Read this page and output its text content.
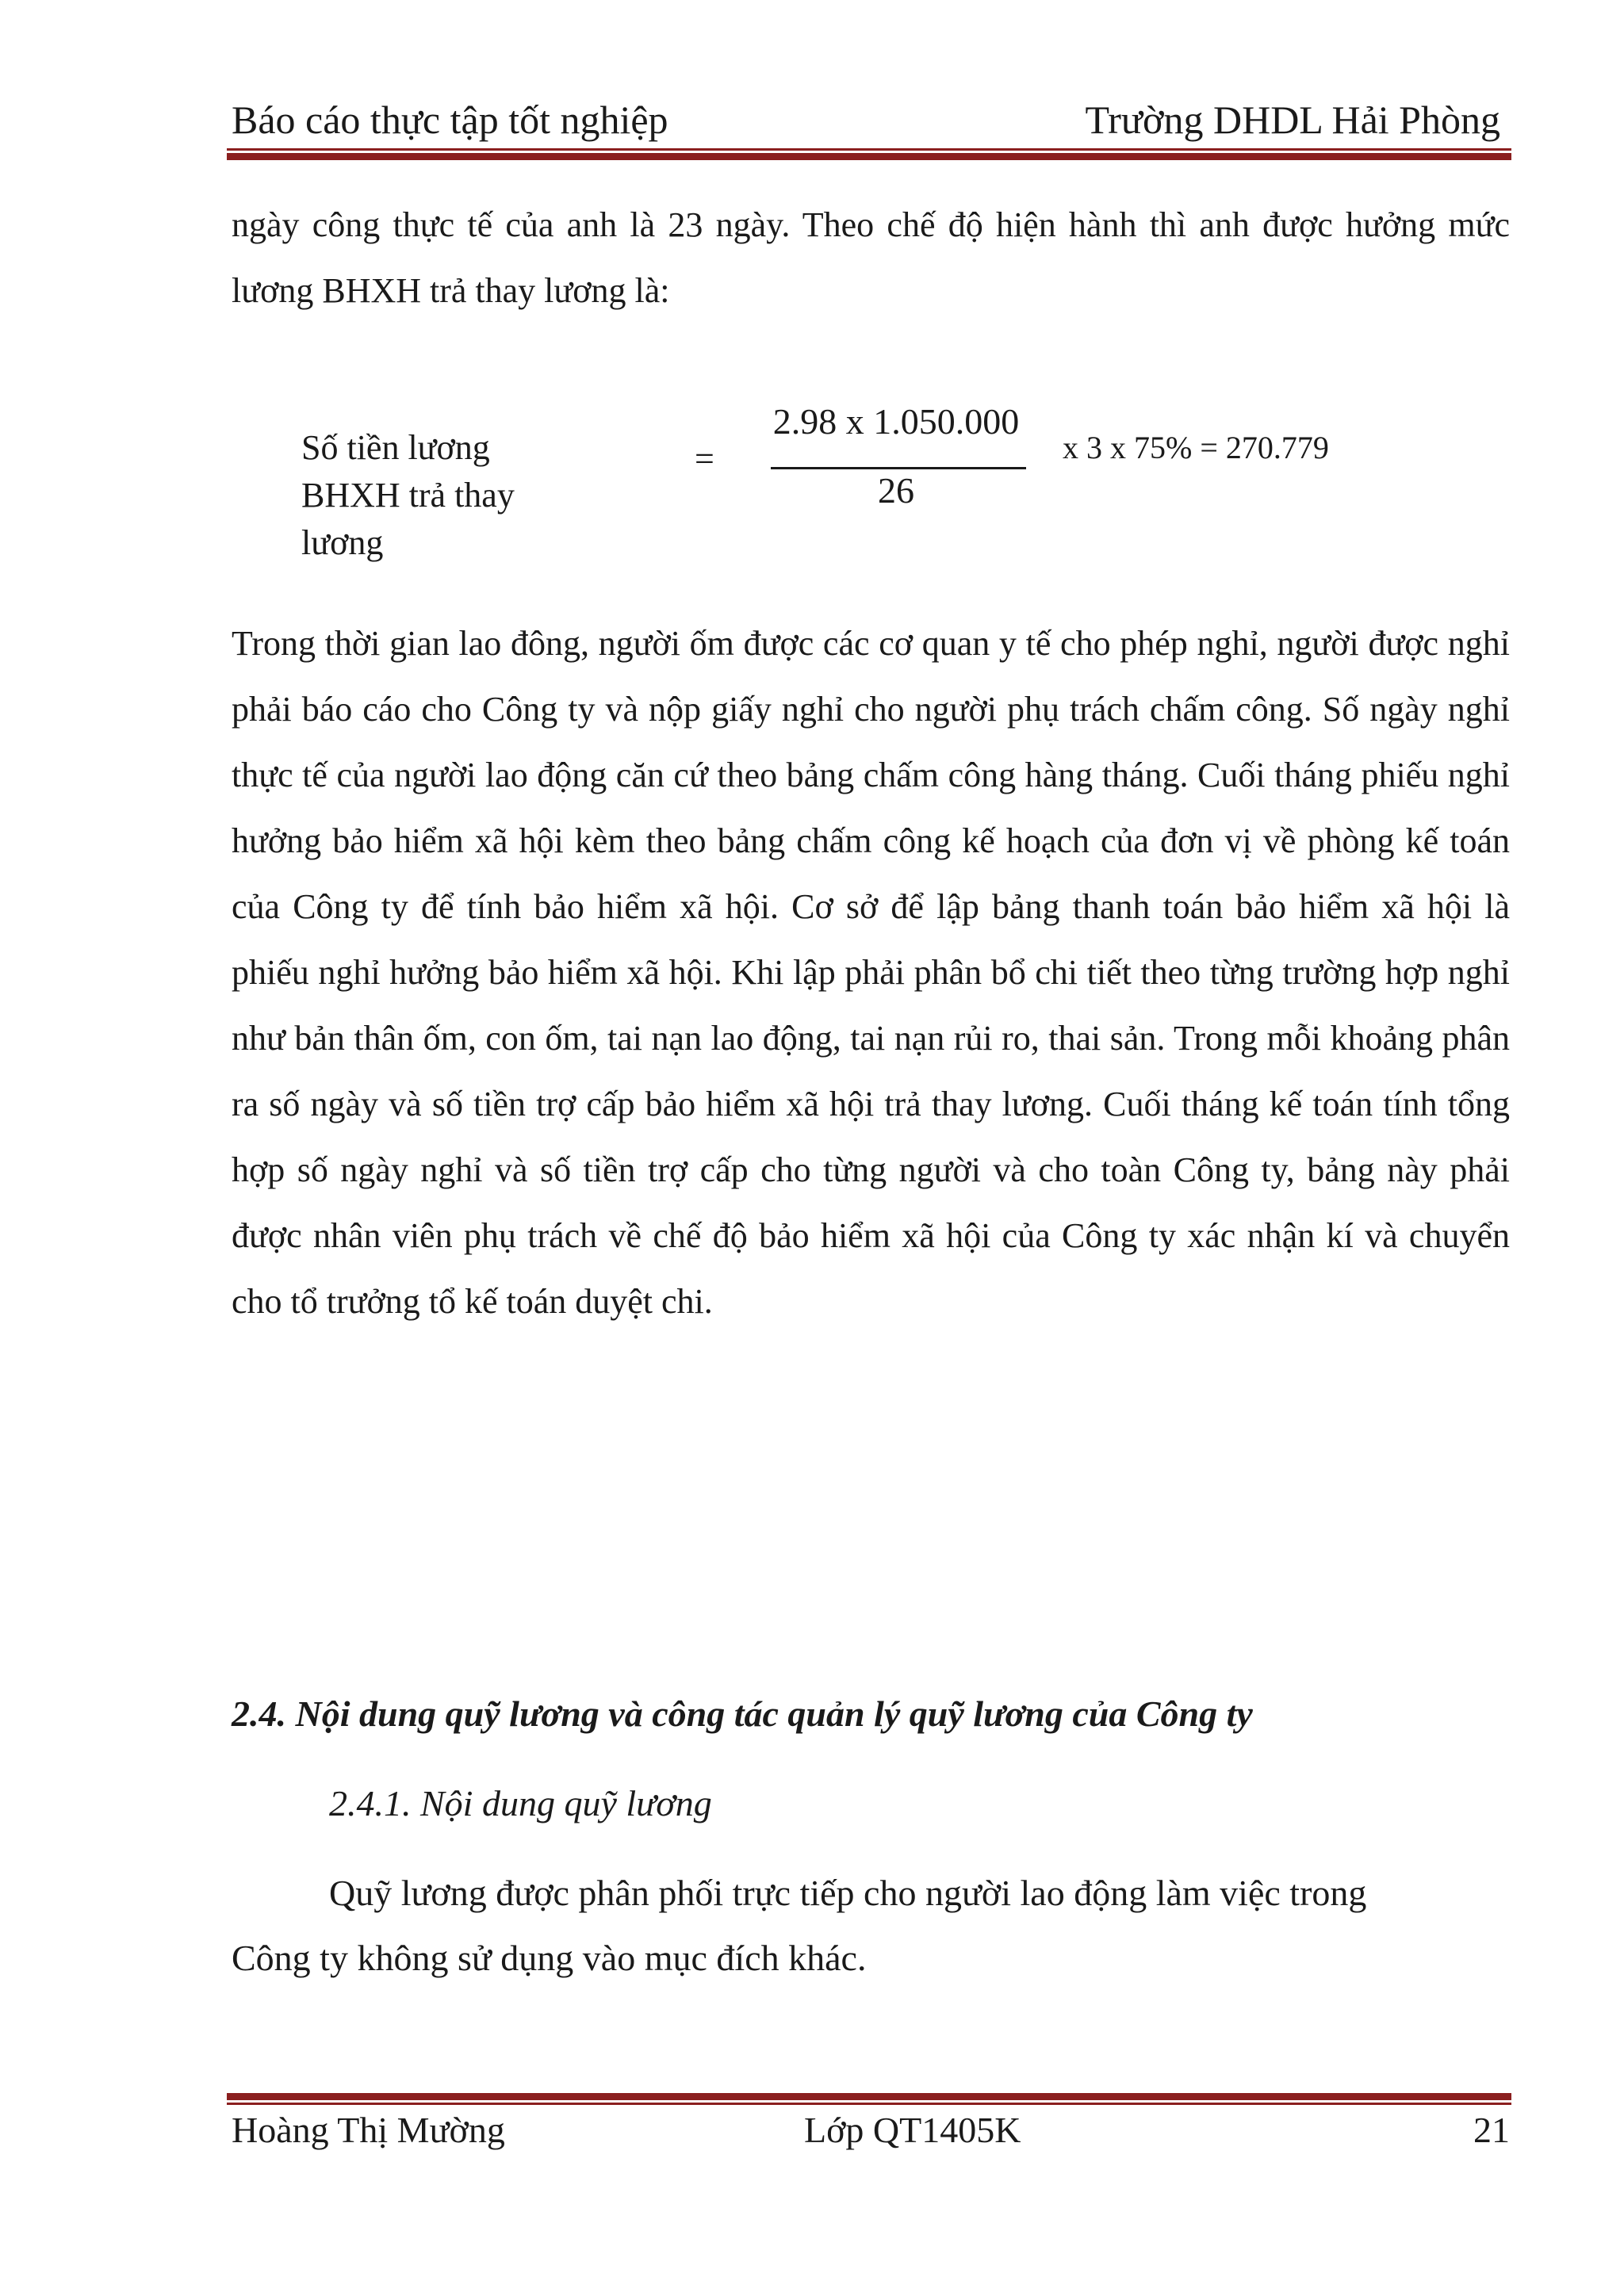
Báo cáo thực tập tốt nghiệp	Trường DHDL Hải Phòng

ngày công thực tế của anh là 23 ngày. Theo chế độ hiện hành thì anh được hưởng mức lương BHXH trả thay lương là:

Số tiền lương BHXH trả thay lương
=
2.98 x 1.050.000
26
x 3 x 75% = 270.779

Trong thời gian lao đông, người ốm được các cơ quan y tế cho phép nghỉ, người được nghỉ phải báo cáo cho Công ty và nộp giấy nghỉ cho người phụ trách chấm công. Số ngày nghỉ thực tế của người lao động căn cứ theo bảng chấm công hàng tháng. Cuối tháng phiếu nghỉ hưởng bảo hiểm xã hội kèm theo bảng chấm công kế hoạch của đơn vị về phòng kế toán của Công ty để tính bảo hiểm xã hội. Cơ sở để lập bảng thanh toán bảo hiểm xã hội là phiếu nghỉ hưởng bảo hiểm xã hội. Khi lập phải phân bổ chi tiết theo từng trường hợp nghỉ như bản thân ốm, con ốm, tai nạn lao động, tai nạn rủi ro, thai sản. Trong mỗi khoảng phân ra số ngày và số tiền trợ cấp bảo hiểm xã hội trả thay lương. Cuối tháng kế toán tính tổng hợp số ngày nghỉ và số tiền trợ cấp cho từng người và cho toàn Công ty, bảng này phải được nhân viên phụ trách về chế độ bảo hiểm xã hội của Công ty xác nhận kí và chuyển cho tổ trưởng tổ kế toán duyệt chi.

2.4. Nội dung quỹ lương và công tác quản lý quỹ lương của Công ty
2.4.1. Nội dung quỹ lương

Quỹ lương được phân phối trực tiếp cho người lao động làm việc trong Công ty không sử dụng vào mục đích khác.

Hoàng Thị Mường	Lớp QT1405K	21
